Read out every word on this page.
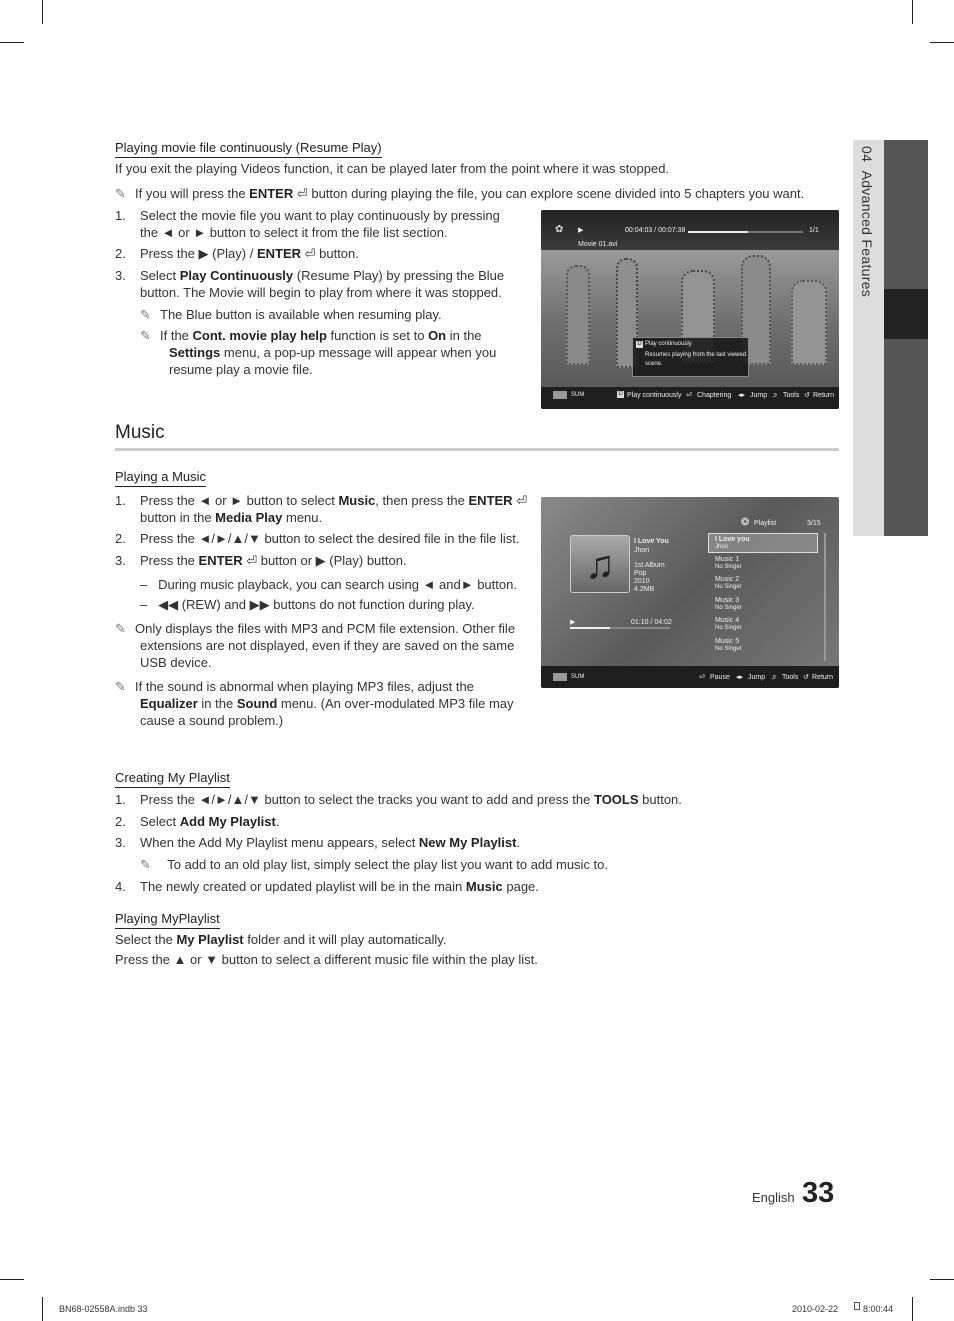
04  Advanced Features
Playing movie file continuously (Resume Play)
If you exit the playing Videos function, it can be played later from the point where it was stopped.
✎ If you will press the ENTER ⏎ button during playing the file, you can explore scene divided into 5 chapters you want.
1.	Select the movie file you want to play continuously by pressing
the ◄ or ► button to select it from the file list section.
2.	Press the ▶ (Play) / ENTER ⏎ button.
3.	Select Play Continuously (Resume Play) by pressing the Blue
button. The Movie will begin to play from where it was stopped.
✎ The Blue button is available when resuming play.
✎ If the Cont. movie play help function is set to On in the
Settings menu, a pop-up message will appear when you
resume play a movie file.
✿ ▶	00:04:03 / 00:07:38	1/1
Movie 01.avi
D Play continuously
Resumes playing from the last viewed
scene.
SUM	D Play continuously ⏎ Chaptering ◂▸ Jump ♬ Tools ↺ Return
Music
Playing a Music
1.	Press the ◄ or ► button to select Music, then press the ENTER ⏎
button in the Media Play menu.
2.	Press the ◄/►/▲/▼ button to select the desired file in the file list.
3.	Press the ENTER ⏎ button or ▶ (Play) button.
– During music playback, you can search using ◄ and► button.
– ◀◀ (REW) and ▶▶ buttons do not function during play.
✎ Only displays the files with MP3 and PCM file extension. Other file
extensions are not displayed, even if they are saved on the same
USB device.
✎ If the sound is abnormal when playing MP3 files, adjust the
Equalizer in the Sound menu. (An over-modulated MP3 file may
cause a sound problem.)
♫
I Love You
Jhon
1st Album
Pop
2010
4.2MB
▶	01:10 / 04:02
❂ Playlist	3/15
I Love you
Jhon
Music 1
No Singer
Music 2
No Singer
Music 3
No Singer
Music 4
No Singer
Music 5
No Singer
SUM	⏎ Pause ◂▸ Jump ♬ Tools ↺ Return
Creating My Playlist
1.	Press the ◄/►/▲/▼ button to select the tracks you want to add and press the TOOLS button.
2.	Select Add My Playlist.
3.	When the Add My Playlist menu appears, select New My Playlist.
✎ To add to an old play list, simply select the play list you want to add music to.
4.	The newly created or updated playlist will be in the main Music page.
Playing MyPlaylist
Select the My Playlist folder and it will play automatically.
Press the ▲ or ▼ button to select a different music file within the play list.
English 33
BN68-02558A.indb 33	2010-02-22	8:00:44
